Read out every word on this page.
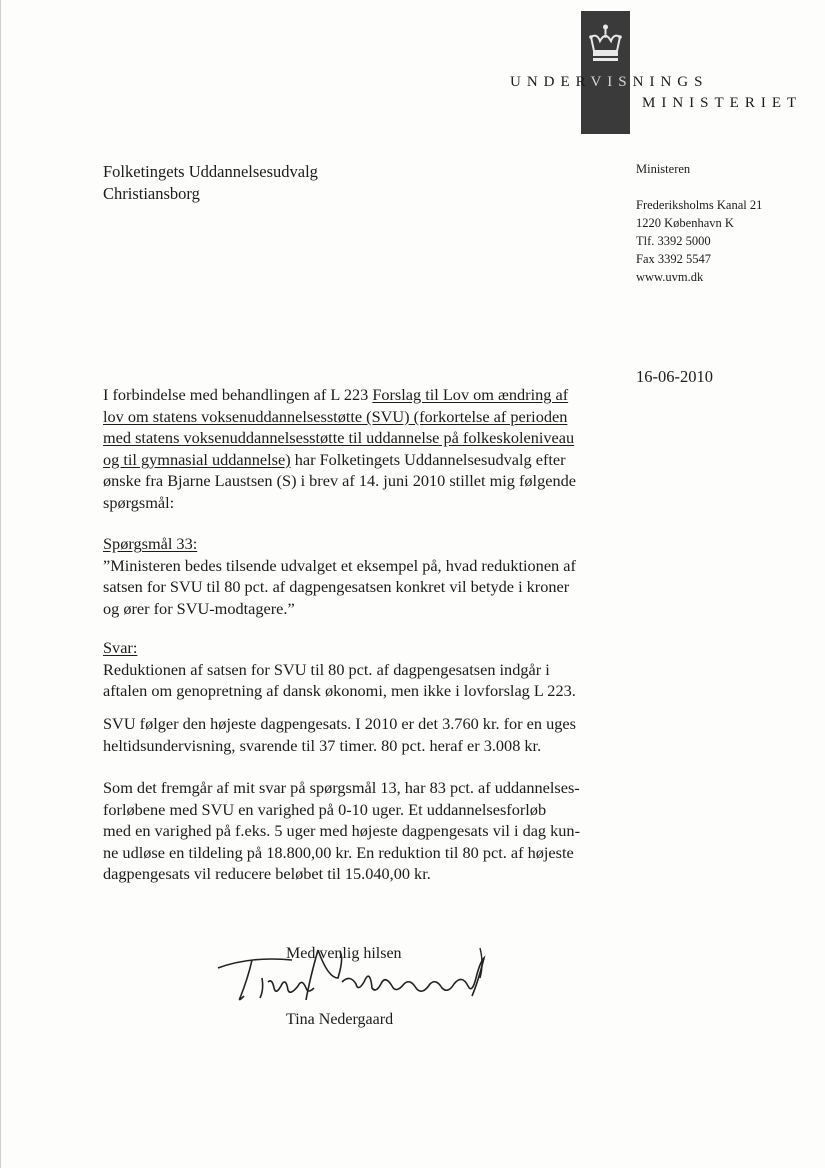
UNDERVISNINGS
MINISTERIET
Folketingets Uddannelsesudvalg
Christiansborg
Ministeren
Frederiksholms Kanal 21
1220 København K
Tlf. 3392 5000
Fax 3392 5547
www.uvm.dk
16-06-2010
I forbindelse med behandlingen af L 223 Forslag til Lov om ændring af
lov om statens voksenuddannelsesstøtte (SVU) (forkortelse af perioden
med statens voksenuddannelsesstøtte til uddannelse på folkeskoleniveau
og til gymnasial uddannelse) har Folketingets Uddannelsesudvalg efter
ønske fra Bjarne Laustsen (S) i brev af 14. juni 2010 stillet mig følgende
spørgsmål:
Spørgsmål 33:
”Ministeren bedes tilsende udvalget et eksempel på, hvad reduktionen af
satsen for SVU til 80 pct. af dagpengesatsen konkret vil betyde i kroner
og ører for SVU-modtagere.”
Svar:
Reduktionen af satsen for SVU til 80 pct. af dagpengesatsen indgår i
aftalen om genopretning af dansk økonomi, men ikke i lovforslag L 223.
SVU følger den højeste dagpengesats. I 2010 er det 3.760 kr. for en uges
heltidsundervisning, svarende til 37 timer. 80 pct. heraf er 3.008 kr.
Som det fremgår af mit svar på spørgsmål 13, har 83 pct. af uddannelses-
forløbene med SVU en varighed på 0-10 uger. Et uddannelsesforløb
med en varighed på f.eks. 5 uger med højeste dagpengesats vil i dag kun-
ne udløse en tildeling på 18.800,00 kr. En reduktion til 80 pct. af højeste
dagpengesats vil reducere beløbet til 15.040,00 kr.
Med venlig hilsen
Tina Nedergaard
